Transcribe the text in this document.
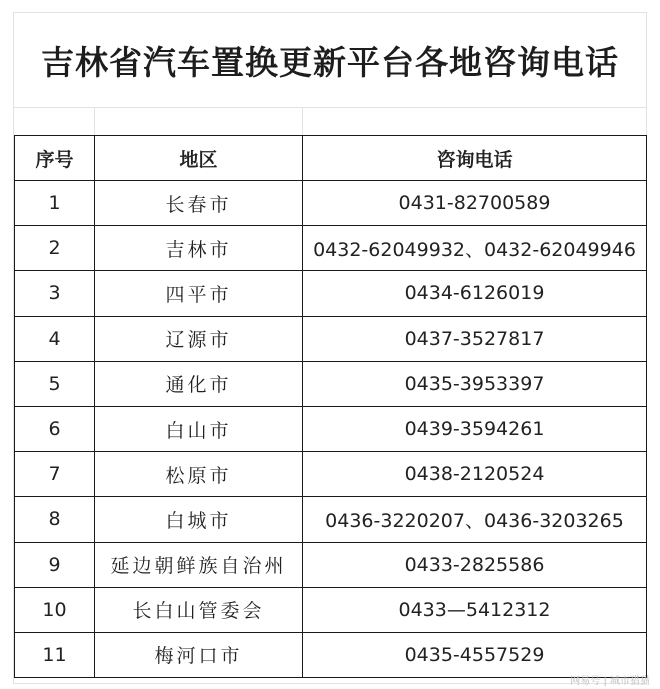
吉林省汽车置换更新平台各地咨询电话
序号	地区	咨询电话
1	长春市	0431-82700589
2	吉林市	0432-62049932、0432-62049946
3	四平市	0434-6126019
4	辽源市	0437-3527817
5	通化市	0435-3953397
6	白山市	0439-3594261
7	松原市	0438-2120524
8	白城市	0436-3220207、0436-3203265
9	延边朝鲜族自治州	0433-2825586
10	长白山管委会	0433—5412312
11	梅河口市	0435-4557529
网易号 | 城市猎猎
